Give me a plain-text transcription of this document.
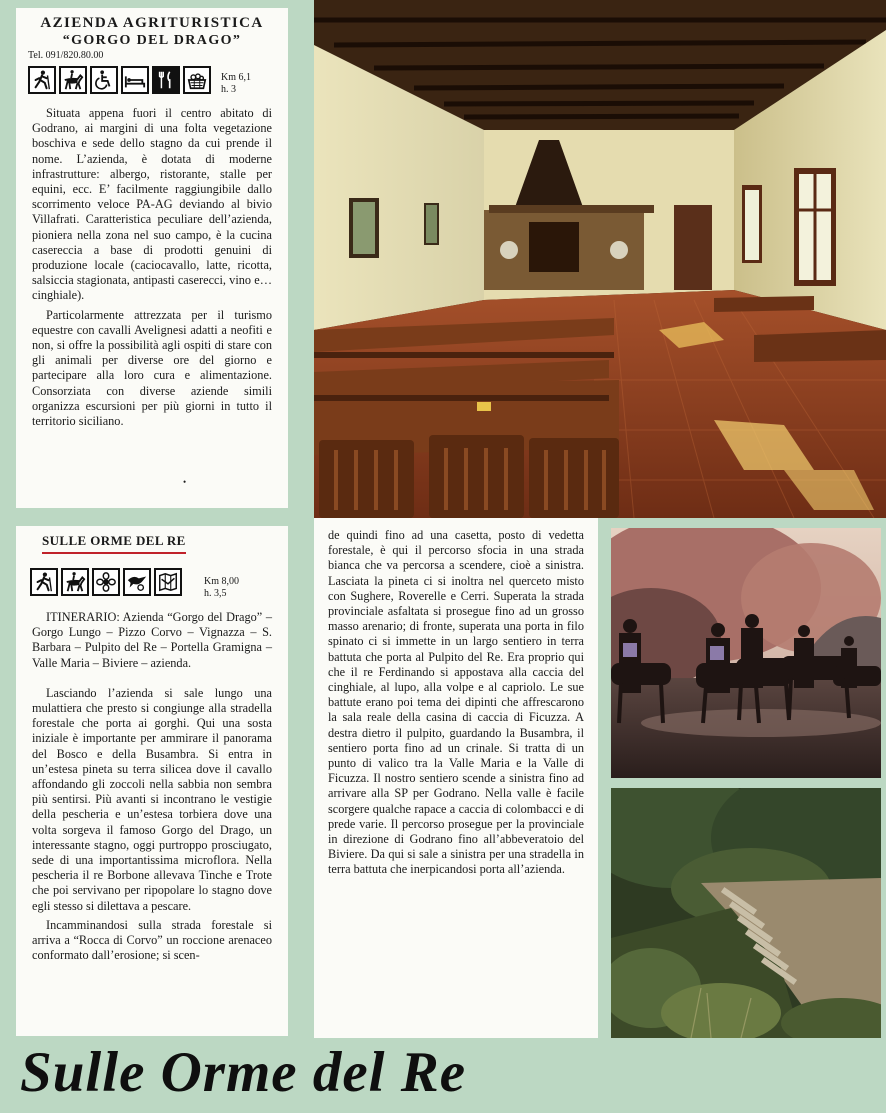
AZIENDA AGRITURISTICA
“GORGO DEL DRAGO”
Tel. 091/820.80.00
Km 6,1
h. 3

Situata appena fuori il centro abitato di Godrano, ai margini di una folta vegetazione boschiva e sede dello stagno da cui prende il nome. L’azienda, è dotata di moderne infrastrutture: albergo, ristorante, stalle per equini, ecc. E’ facilmente raggiungibile dallo scorrimento veloce PA-AG deviando al bivio Villafrati. Caratteristica peculiare dell’azienda, pioniera nella zona nel suo campo, è la cucina casereccia a base di prodotti genuini di produzione locale (caciocavallo, latte, ricotta, salsiccia stagionata, antipasti caserecci, vino e… cinghiale).

Particolarmente attrezzata per il turismo equestre con cavalli Avelignesi adatti a neofiti e non, si offre la possibilità agli ospiti di stare con gli animali per diverse ore del giorno e partecipare alla loro cura e alimentazione. Consorziata con diverse aziende simili organizza escursioni per più giorni in tutto il territorio siciliano.

•
SULLE ORME DEL RE
Km 8,00
h. 3,5

ITINERARIO: Azienda “Gorgo del Drago” – Gorgo Lungo – Pizzo Corvo – Vignazza – S. Barbara – Pulpito del Re – Portella Gramigna – Valle Maria – Biviere – azienda.

Lasciando l’azienda si sale lungo una mulattiera che presto si congiunge alla stradella forestale che porta ai gorghi. Qui una sosta iniziale è importante per ammirare il panorama del Bosco e della Busambra. Si entra in un’estesa pineta su terra silicea dove il cavallo affondando gli zoccoli nella sabbia non sembra più sentirsi. Più avanti si incontrano le vestigie della pescheria e un’estesa torbiera dove una volta sorgeva il famoso Gorgo del Drago, un interessante stagno, oggi purtroppo prosciugato, sede di una importantissima microflora. Nella pescheria il re Borbone allevava Tinche e Trote che poi servivano per ripopolare lo stagno dove egli stesso si dilettava a pescare.

Incamminandosi sulla strada forestale si arriva a “Rocca di Corvo” un roccione arenaceo conformato dall’erosione; si scen-

de quindi fino ad una casetta, posto di vedetta forestale, è qui il percorso sfocia in una strada bianca che va percorsa a scendere, cioè a sinistra. Lasciata la pineta ci si inoltra nel querceto misto con Sughere, Roverelle e Cerri. Superata la strada provinciale asfaltata si prosegue fino ad un grosso masso arenario; di fronte, superata una porta in filo spinato ci si immette in un largo sentiero in terra battuta che porta al Pulpito del Re. Era proprio qui che il re Ferdinando si appostava alla caccia del cinghiale, al lupo, alla volpe e al capriolo. Le sue battute erano poi tema dei dipinti che affrescarono la sala reale della casina di caccia di Ficuzza. A destra dietro il pulpito, guardando la Busambra, il sentiero porta fino ad un crinale. Si tratta di un punto di valico tra la Valle Maria e la Valle di Ficuzza. Il nostro sentiero scende a sinistra fino ad arrivare alla SP per Godrano. Nella valle è facile scorgere qualche rapace a caccia di colombacci e di prede varie. Il percorso prosegue per la provinciale in direzione di Godrano fino all’abbeveratoio del Biviere. Da qui si sale a sinistra per una stradella in terra battuta che inerpicandosi porta all’azienda.

Sulle Orme del Re
